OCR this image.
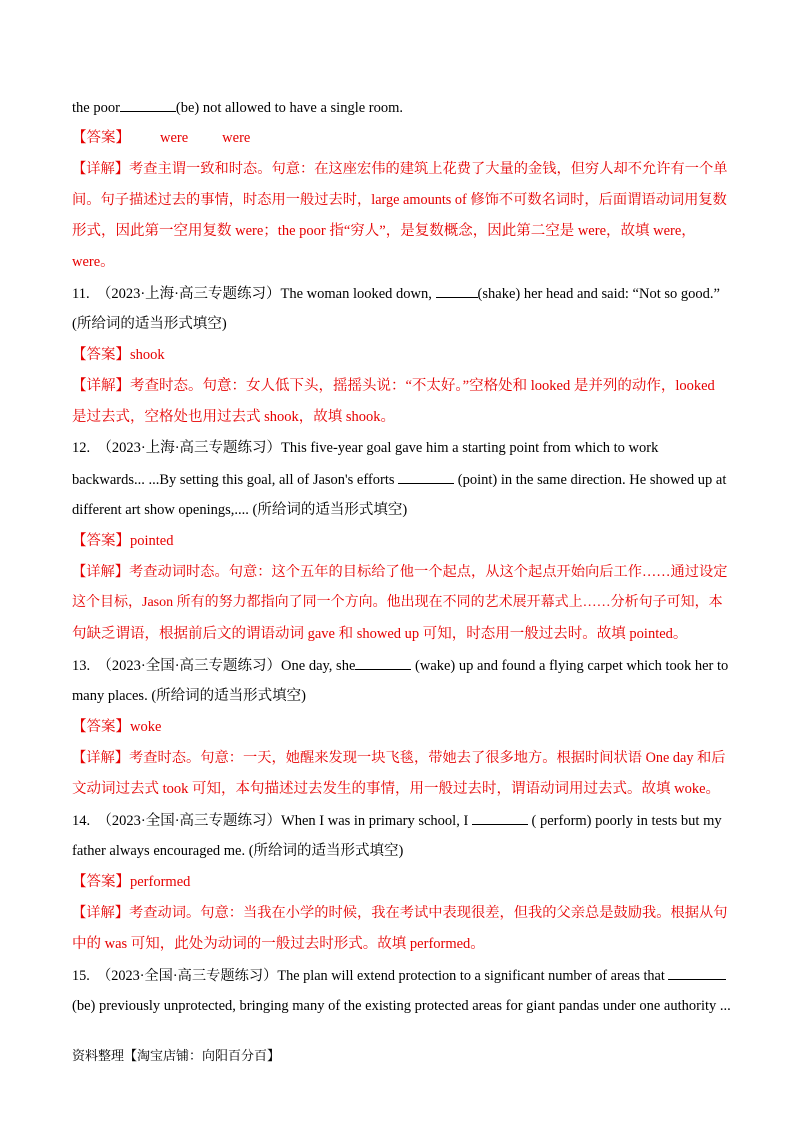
the poor	(be) not allowed to have a single room.
【答案】 were were
【详解】考查主谓一致和时态。句意：在这座宏伟的建筑上花费了大量的金钱，但穷人却不允许有一个单
间。句子描述过去的事情，时态用一般过去时，large amounts of 修饰不可数名词时，后面谓语动词用复数
形式，因此第一空用复数 were；the poor 指“穷人”，是复数概念，因此第二空是 were，故填 were，
were。
11.　（2023·上海·高三专题练习）The woman looked down,	(shake) her head and said: “Not so good.”
(所给词的适当形式填空)
【答案】shook
【详解】考查时态。句意：女人低下头，摇摇头说：“不太好。”空格处和 looked 是并列的动作，looked
是过去式，空格处也用过去式 shook，故填 shook。
12.　（2023·上海·高三专题练习）This five-year goal gave him a starting point from which to work
backwards... ...By setting this goal, all of Jason's efforts	(point) in the same direction. He showed up at
different art show openings,.... (所给词的适当形式填空)
【答案】pointed
【详解】考查动词时态。句意：这个五年的目标给了他一个起点，从这个起点开始向后工作……通过设定
这个目标，Jason 所有的努力都指向了同一个方向。他出现在不同的艺术展开幕式上……分析句子可知，本
句缺乏谓语，根据前后文的谓语动词 gave 和 showed up 可知，时态用一般过去时。故填 pointed。
13.　（2023·全国·高三专题练习）One day, she	(wake) up and found a flying carpet which took her to
many places. (所给词的适当形式填空)
【答案】woke
【详解】考查时态。句意：一天，她醒来发现一块飞毯，带她去了很多地方。根据时间状语 One day 和后
文动词过去式 took 可知，本句描述过去发生的事情，用一般过去时，谓语动词用过去式。故填 woke。
14.　（2023·全国·高三专题练习）When I was in primary school, I	( perform) poorly in tests but my
father always encouraged me. (所给词的适当形式填空)
【答案】performed
【详解】考查动词。句意：当我在小学的时候，我在考试中表现很差，但我的父亲总是鼓励我。根据从句
中的 was 可知，此处为动词的一般过去时形式。故填 performed。
15.　（2023·全国·高三专题练习）The plan will extend protection to a significant number of areas that
(be) previously unprotected, bringing many of the existing protected areas for giant pandas under one authority ...
资料整理【淘宝店铺：向阳百分百】
